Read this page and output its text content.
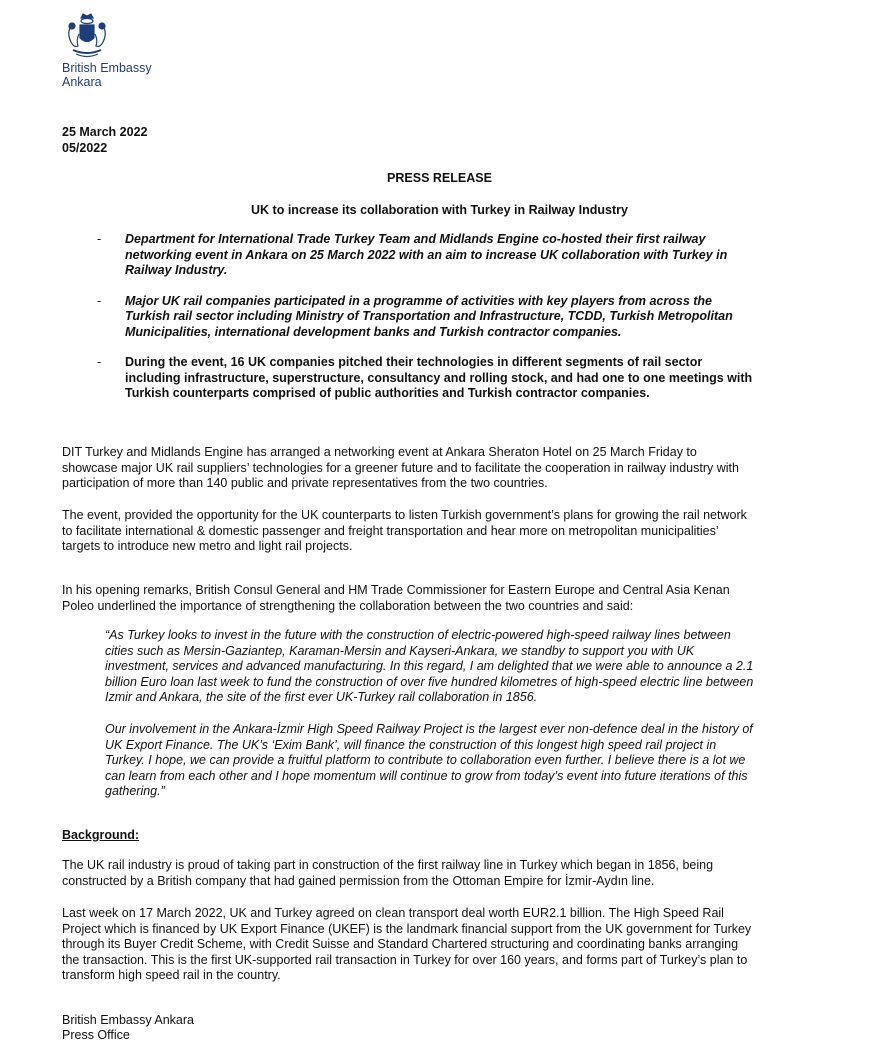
British Embassy
Ankara
25 March 2022
05/2022
PRESS RELEASE
UK to increase its collaboration with Turkey in Railway Industry
- Department for International Trade Turkey Team and Midlands Engine co-hosted their first railway networking event in Ankara on 25 March 2022 with an aim to increase UK collaboration with Turkey in Railway Industry.
- Major UK rail companies participated in a programme of activities with key players from across the Turkish rail sector including Ministry of Transportation and Infrastructure, TCDD, Turkish Metropolitan Municipalities, international development banks and Turkish contractor companies.
- During the event, 16 UK companies pitched their technologies in different segments of rail sector including infrastructure, superstructure, consultancy and rolling stock, and had one to one meetings with Turkish counterparts comprised of public authorities and Turkish contractor companies.
DIT Turkey and Midlands Engine has arranged a networking event at Ankara Sheraton Hotel on 25 March Friday to showcase major UK rail suppliers’ technologies for a greener future and to facilitate the cooperation in railway industry with participation of more than 140 public and private representatives from the two countries.
The event, provided the opportunity for the UK counterparts to listen Turkish government’s plans for growing the rail network to facilitate international & domestic passenger and freight transportation and hear more on metropolitan municipalities’ targets to introduce new metro and light rail projects.
In his opening remarks, British Consul General and HM Trade Commissioner for Eastern Europe and Central Asia Kenan Poleo underlined the importance of strengthening the collaboration between the two countries and said:
“As Turkey looks to invest in the future with the construction of electric-powered high-speed railway lines between cities such as Mersin-Gaziantep, Karaman-Mersin and Kayseri-Ankara, we standby to support you with UK investment, services and advanced manufacturing. In this regard, I am delighted that we were able to announce a 2.1 billion Euro loan last week to fund the construction of over five hundred kilometres of high-speed electric line between Izmir and Ankara, the site of the first ever UK-Turkey rail collaboration in 1856.
Our involvement in the Ankara-İzmir High Speed Railway Project is the largest ever non-defence deal in the history of UK Export Finance. The UK’s ‘Exim Bank’, will finance the construction of this longest high speed rail project in Turkey. I hope, we can provide a fruitful platform to contribute to collaboration even further. I believe there is a lot we can learn from each other and I hope momentum will continue to grow from today’s event into future iterations of this gathering.”
Background:
The UK rail industry is proud of taking part in construction of the first railway line in Turkey which began in 1856, being constructed by a British company that had gained permission from the Ottoman Empire for İzmir-Aydın line.
Last week on 17 March 2022, UK and Turkey agreed on clean transport deal worth EUR2.1 billion. The High Speed Rail Project which is financed by UK Export Finance (UKEF) is the landmark financial support from the UK government for Turkey through its Buyer Credit Scheme, with Credit Suisse and Standard Chartered structuring and coordinating banks arranging the transaction. This is the first UK-supported rail transaction in Turkey for over 160 years, and forms part of Turkey’s plan to transform high speed rail in the country.
British Embassy Ankara
Press Office
